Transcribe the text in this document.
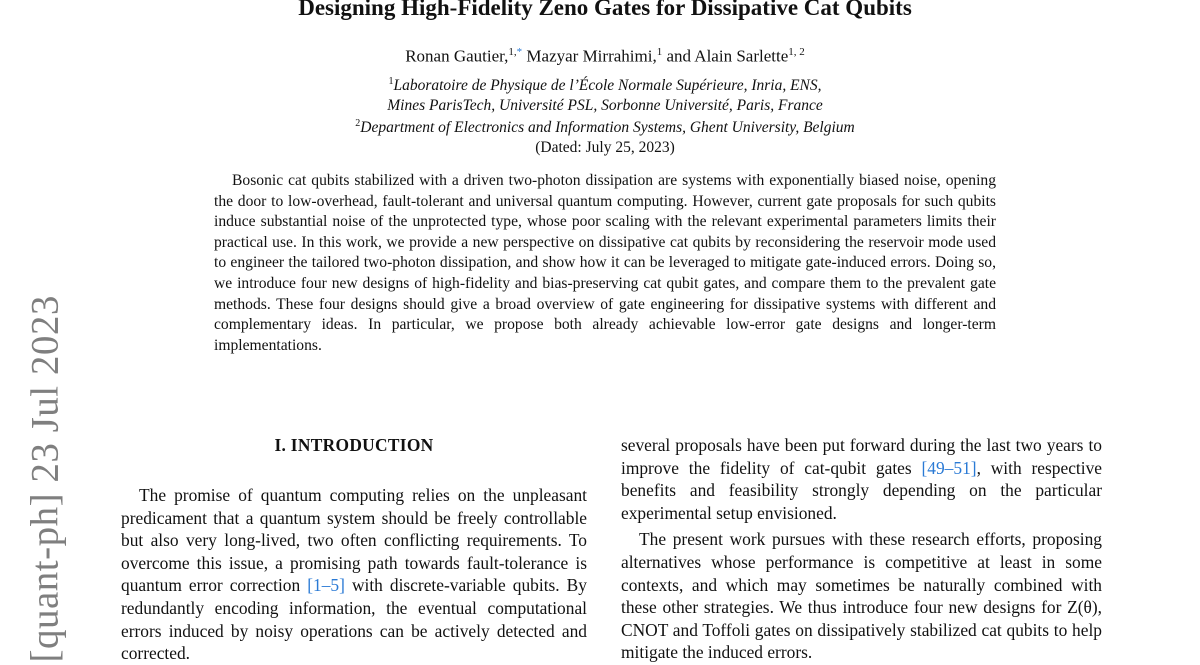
Designing High-Fidelity Zeno Gates for Dissipative Cat Qubits
Ronan Gautier,$^{1,*}$ Mazyar Mirrahimi,$^1$ and Alain Sarlette$^{1, 2}$
$^1$Laboratoire de Physique de l’École Normale Supérieure, Inria, ENS,
Mines ParisTech, Université PSL, Sorbonne Université, Paris, France
$^2$Department of Electronics and Information Systems, Ghent University, Belgium
(Dated: July 25, 2023)
Bosonic cat qubits stabilized with a driven two-photon dissipation are systems with exponentially biased noise, opening the door to low-overhead, fault-tolerant and universal quantum computing. However, current gate proposals for such qubits induce substantial noise of the unprotected type, whose poor scaling with the relevant experimental parameters limits their practical use. In this work, we provide a new perspective on dissipative cat qubits by reconsidering the reservoir mode used to engineer the tailored two-photon dissipation, and show how it can be leveraged to mitigate gate-induced errors. Doing so, we introduce four new designs of high-fidelity and bias-preserving cat qubit gates, and compare them to the prevalent gate methods. These four designs should give a broad overview of gate engineering for dissipative systems with different and complementary ideas. In particular, we propose both already achievable low-error gate designs and longer-term implementations.
[quant-ph] 23 Jul 2023	I. INTRODUCTION

The promise of quantum computing relies on the unpleasant predicament that a quantum system should be freely controllable but also very long-lived, two often conflicting requirements. To overcome this issue, a promising path towards fault-tolerance is quantum error correction [1–5] with discrete-variable qubits. By redundantly encoding information, the eventual computational errors induced by noisy operations can be actively detected and corrected.

several proposals have been put forward during the last two years to improve the fidelity of cat-qubit gates [49–51], with respective benefits and feasibility strongly depending on the particular experimental setup envisioned.

The present work pursues with these research efforts, proposing alternatives whose performance is competitive at least in some contexts, and which may sometimes be naturally combined with these other strategies. We thus introduce four new designs for Z(θ), CNOT and Toffoli gates on dissipatively stabilized cat qubits to help mitigate the induced errors.
